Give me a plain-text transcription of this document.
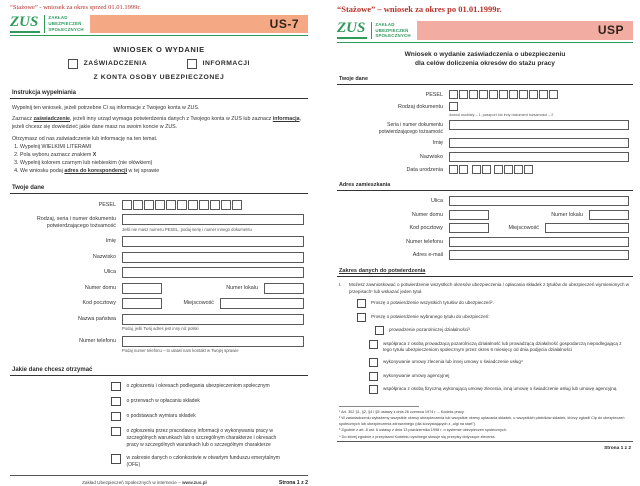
“Stażowe” - wniosek za okres sprzed 01.01.1999r.
ZUS	ZAKŁAD
UBEZPIECZEŃ
SPOŁECZNYCH	US-7
WNIOSEK O WYDANIE
ZAŚWIADCZENIA	INFORMACJI
Z KONTA OSOBY UBEZPIECZONEJ
Instrukcja wypełniania
Wypełnij ten wniosek, jeżeli potrzebne Ci są informacje z Twojego konta w ZUS.
Zaznacz zaświadczenie, jeżeli inny urząd wymaga potwierdzenia danych z Twojego konta w ZUS lub zaznacz informacja, jeżeli chcesz się dowiedzieć jakie dane masz na swoim koncie w ZUS.
Otrzymasz od nas zaświadczenie lub informację na ten temat.
1. Wypełnij WIELKIMI LITERAMI
2. Pola wyboru zaznacz znakiem X
3. Wypełnij kolorem czarnym lub niebieskim (nie ołówkiem)
4. We wniosku podaj adres do korespondencji w tej sprawie
Twoje dane
PESEL
Rodzaj, seria i numer dokumentu
potwierdzającego tożsamość
Jeśli nie masz numeru PESEL, podaj serię i numer innego dokumentu
Imię
Nazwisko
Ulica
Numer domu	Numer lokalu
Kod pocztowy	Miejscowość
Nazwa państwa
Podaj, jeśli Twój adres jest inny niż polski
Numer telefonu
Podaj numer telefonu – to ułatwi nam kontakt w Twojej sprawie
Jakie dane chcesz otrzymać
o zgłoszeniu i okresach podlegania ubezpieczeniom społecznym
o przerwach w opłacaniu składek
o podstawach wymiaru składek
o zgłoszeniu przez pracodawcę informacji o wykonywaniu pracy w szczególnych warunkach lub o szczególnym charakterze i okresach pracy w szczególnych warunkach lub o szczególnym charakterze
w zakresie danych o członkostwie w otwartym funduszu emerytalnym (OFE)
Zakład Ubezpieczeń Społecznych w internecie – www.zus.pl	Strona 1 z 2
“Stażowe” – wniosek za okres po 01.01.1999r.
ZUS	ZAKŁAD
UBEZPIECZEŃ
SPOŁECZNYCH	USP
Wniosek o wydanie zaświadczenia o ubezpieczeniu
dla celów doliczenia okresów do stażu pracy
Twoje dane
PESEL
Rodzaj dokumentu
dowód osobisty – 1, paszport lub inny dokument tożsamości – 2
Seria i numer dokumentu
potwierdzającego tożsamość
Imię
Nazwisko
Data urodzenia
Adres zamieszkania
Ulica
Numer domu	Numer lokalu
Kod pocztowy	Miejscowość
Numer telefonu
Adres e-mail
Zakres danych do potwierdzenia
I.	Możesz zawnioskować o potwierdzenie wszystkich okresów ubezpieczenia / opłacania składek z tytułów do ubezpieczeń wymienionych w przepisach¹ lub wskazać jeden tytuł.
Proszę o potwierdzenie wszystkich tytułów do ubezpieczeń².
Proszę o potwierdzenie wybranego tytułu do ubezpieczeń:
prowadzenie pozarolniczej działalności³
współpraca z osobą prowadzącą pozarolniczą działalność lub prowadzącą działalność gospodarczą niepodlegającą z tego tytułu ubezpieczeniom społecznym przez okres 6 miesięcy od dnia podjęcia działalności
wykonywanie umowy zlecenia lub innej umowy o świadczenie usług⁴
wykonywanie umowy agencyjnej
współpraca z osobą fizyczną wykonującą umowę zlecenia, inną umowę o świadczenie usług lub umowę agencyjną
¹ Art. 302 §1, §2, §4 i §5 ustawy z dnia 26 czerwca 1974 r. – Kodeks pracy.
² W zaświadczeniu wykażemy wszystkie okresy ubezpieczenia lub wszystkie okresy opłacania składek, u wszystkich płatników składek, którzy zgłosili Cię do ubezpieczeń społecznych lub ubezpieczenia zdrowotnego (dla korzystających z „ulgi na start”).
³ Zgodnie z art. 8 ust. 6 ustawy z dnia 13 października 1998 r. o systemie ubezpieczeń społecznych.
⁴ Do której zgodnie z przepisami Kodeksu cywilnego stosuje się przepisy dotyczące zlecenia.
Strona 1 z 2
